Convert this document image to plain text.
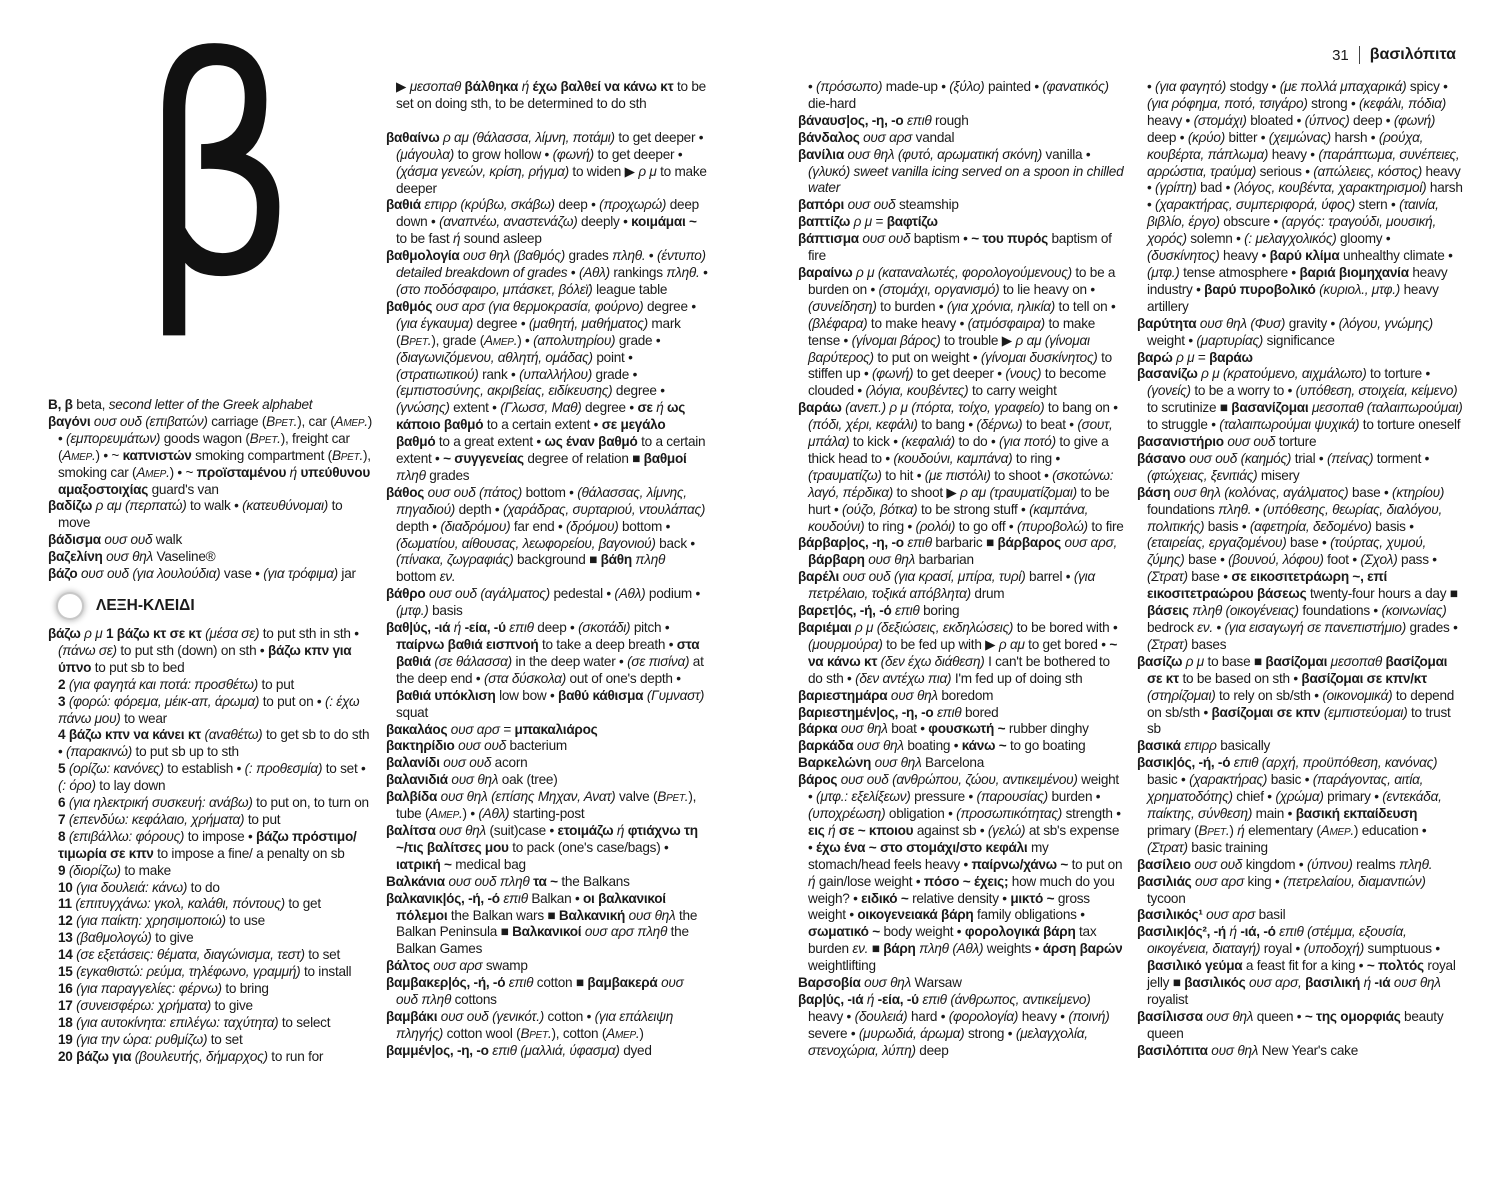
31 βασιλόπιτα
β
Β, β beta, second letter of the Greek alphabet
βαγόνι ουσ ουδ (επιβατών) carriage (Βρετ.), car (Αμερ.) • (εμπορευμάτων) goods wagon (Βρετ.), freight car (Αμερ.) • ~ καπνιστών smoking compartment (Βρετ.), smoking car (Αμερ.) • ~ προϊσταμένου ή υπεύθυνου αμαξοστοιχίας guard's van
βαδίζω ρ αμ (περπατώ) to walk • (κατευθύνομαι) to move
βάδισμα ουσ ουδ walk
βαζελίνη ουσ θηλ Vaseline®
βάζο ουσ ουδ (για λουλούδια) vase • (για τρόφιμα) jar
ΛΕΞΗ-ΚΛΕΙΔΙ
βάζω ρ μ 1 βάζω κτ σε κτ (μέσα σε) to put sth in sth • (πάνω σε) to put sth (down) on sth • βάζω κπν για ύπνο to put sb to bed
2 (για φαγητά και ποτά: προσθέτω) to put
3 (φορώ: φόρεμα, μέικ-απ, άρωμα) to put on • (: έχω πάνω μου) to wear
4 βάζω κπν να κάνει κτ (αναθέτω) to get sb to do sth • (παρακινώ) to put sb up to sth
5 (ορίζω: κανόνες) to establish • (: προθεσμία) to set • (: όρο) to lay down
6 (για ηλεκτρική συσκευή: ανάβω) to put on, to turn on
7 (επενδύω: κεφάλαιο, χρήματα) to put
8 (επιβάλλω: φόρους) to impose • βάζω πρόστιμο/τιμωρία σε κπν to impose a fine/ a penalty on sb
9 (διορίζω) to make
10 (για δουλειά: κάνω) to do
11 (επιτυγχάνω: γκολ, καλάθι, πόντους) to get
12 (για παίκτη: χρησιμοποιώ) to use
13 (βαθμολογώ) to give
14 (σε εξετάσεις: θέματα, διαγώνισμα, τεστ) to set
15 (εγκαθιστώ: ρεύμα, τηλέφωνο, γραμμή) to install
16 (για παραγγελίες: φέρνω) to bring
17 (συνεισφέρω: χρήματα) to give
18 (για αυτοκίνητα: επιλέγω: ταχύτητα) to select
19 (για την ώρα: ρυθμίζω) to set
20 βάζω για (βουλευτής, δήμαρχος) to run for
▶ μεσοπαθ βάλθηκα ή έχω βαλθεί να κάνω κτ to be set on doing sth, to be determined to do sth
βαθαίνω ρ αμ (θάλασσα, λίμνη, ποτάμι) to get deeper • (μάγουλα) to grow hollow • (φωνή) to get deeper • (χάσμα γενεών, κρίση, ρήγμα) to widen ▶ ρ μ to make deeper
βαθιά επιρρ (κρύβω, σκάβω) deep • (προχωρώ) deep down • (αναπνέω, αναστενάζω) deeply • κοιμάμαι ~ to be fast ή sound asleep
βαθμολογία ουσ θηλ (βαθμός) grades πληθ. • (έντυπο) detailed breakdown of grades • (Αθλ) rankings πληθ. • (στο ποδόσφαιρο, μπάσκετ, βόλεϊ) league table
βαθμός ουσ αρσ (για θερμοκρασία, φούρνο) degree • (για έγκαυμα) degree • (μαθητή, μαθήματος) mark (Βρετ.), grade (Αμερ.) • (απολυτηρίου) grade • (διαγωνιζόμενου, αθλητή, ομάδας) point • (στρατιωτικού) rank • (υπαλλήλου) grade • (εμπιστοσύνης, ακριβείας, ειδίκευσης) degree • (γνώσης) extent • (Γλωσσ, Μαθ) degree • σε ή ως κάποιο βαθμό to a certain extent • σε μεγάλο βαθμό to a great extent • ως έναν βαθμό to a certain extent • ~ συγγενείας degree of relation ■ βαθμοί πληθ grades
βάθος ουσ ουδ (πάτος) bottom • (θάλασσας, λίμνης, πηγαδιού) depth • (χαράδρας, συρταριού, ντουλάπας) depth • (διαδρόμου) far end • (δρόμου) bottom • (δωματίου, αίθουσας, λεωφορείου, βαγονιού) back • (πίνακα, ζωγραφιάς) background ■ βάθη πληθ bottom εν.
βάθρο ουσ ουδ (αγάλματος) pedestal • (Αθλ) podium • (μτφ.) basis
βαθ|ύς, -ιά ή -εία, -ύ επιθ deep • (σκοτάδι) pitch • παίρνω βαθιά εισπνοή to take a deep breath • στα βαθιά (σε θάλασσα) in the deep water • (σε πισίνα) at the deep end • (στα δύσκολα) out of one's depth • βαθιά υπόκλιση low bow • βαθύ κάθισμα (Γυμναστ) squat
βακαλάος ουσ αρσ = μπακαλιάρος
βακτηρίδιο ουσ ουδ bacterium
βαλανίδι ουσ ουδ acorn
βαλανιδιά ουσ θηλ oak (tree)
βαλβίδα ουσ θηλ (επίσης Μηχαν, Ανατ) valve (Βρετ.), tube (Αμερ.) • (Αθλ) starting-post
βαλίτσα ουσ θηλ (suit)case • ετοιμάζω ή φτιάχνω τη ~/τις βαλίτσες μου to pack (one's case/bags) • ιατρική ~ medical bag
Βαλκάνια ουσ ουδ πληθ τα ~ the Balkans
βαλκανικ|ός, -ή, -ό επιθ Balkan • οι βαλκανικοί πόλεμοι the Balkan wars ■ Βαλκανική ουσ θηλ the Balkan Peninsula ■ Βαλκανικοί ουσ αρσ πληθ the Balkan Games
βάλτος ουσ αρσ swamp
βαμβακερ|ός, -ή, -ό επιθ cotton ■ βαμβακερά ουσ ουδ πληθ cottons
βαμβάκι ουσ ουδ (γενικότ.) cotton • (για επάλειψη πληγής) cotton wool (Βρετ.), cotton (Αμερ.)
βαμμέν|ος, -η, -ο επιθ (μαλλιά, ύφασμα) dyed
• (πρόσωπο) made-up • (ξύλο) painted • (φανατικός) die-hard
βάναυσ|ος, -η, -ο επιθ rough
βάνδαλος ουσ αρσ vandal
βανίλια ουσ θηλ (φυτό, αρωματική σκόνη) vanilla • (γλυκό) sweet vanilla icing served on a spoon in chilled water
βαπόρι ουσ ουδ steamship
βαπτίζω ρ μ = βαφτίζω
βάπτισμα ουσ ουδ baptism • ~ του πυρός baptism of fire
βαραίνω ρ μ (καταναλωτές, φορολογούμενους) to be a burden on • (στομάχι, οργανισμό) to lie heavy on • (συνείδηση) to burden • (για χρόνια, ηλικία) to tell on • (βλέφαρα) to make heavy • (ατμόσφαιρα) to make tense • (γίνομαι βάρος) to trouble ▶ ρ αμ (γίνομαι βαρύτερος) to put on weight • (γίνομαι δυσκίνητος) to stiffen up • (φωνή) to get deeper • (νους) to become clouded • (λόγια, κουβέντες) to carry weight
βαράω (ανεπ.) ρ μ (πόρτα, τοίχο, γραφείο) to bang on • (πόδι, χέρι, κεφάλι) to bang • (δέρνω) to beat • (σουτ, μπάλα) to kick • (κεφαλιά) to do • (για ποτό) to give a thick head to • (κουδούνι, καμπάνα) to ring • (τραυματίζω) to hit • (με πιστόλι) to shoot • (σκοτώνω: λαγό, πέρδικα) to shoot ▶ ρ αμ (τραυματίζομαι) to be hurt • (ούζο, βότκα) to be strong stuff • (καμπάνα, κουδούνι) to ring • (ρολόι) to go off • (πυροβολώ) to fire
βάρβαρ|ος, -η, -ο επιθ barbaric ■ βάρβαρος ουσ αρσ, βάρβαρη ουσ θηλ barbarian
βαρέλι ουσ ουδ (για κρασί, μπίρα, τυρί) barrel • (για πετρέλαιο, τοξικά απόβλητα) drum
βαρετ|ός, -ή, -ό επιθ boring
βαριέμαι ρ μ (δεξιώσεις, εκδηλώσεις) to be bored with • (μουρμούρα) to be fed up with ▶ ρ αμ to get bored • ~ να κάνω κτ (δεν έχω διάθεση) I can't be bothered to do sth • (δεν αντέχω πια) I'm fed up of doing sth
βαριεστημάρα ουσ θηλ boredom
βαριεστημέν|ος, -η, -ο επιθ bored
βάρκα ουσ θηλ boat • φουσκωτή ~ rubber dinghy
βαρκάδα ουσ θηλ boating • κάνω ~ to go boating
Βαρκελώνη ουσ θηλ Barcelona
βάρος ουσ ουδ (ανθρώπου, ζώου, αντικειμένου) weight • (μτφ.: εξελίξεων) pressure • (παρουσίας) burden • (υποχρέωση) obligation • (προσωπικότητας) strength • εις ή σε ~ κποιου against sb • (γελώ) at sb's expense • έχω ένα ~ στο στομάχι/στο κεφάλι my stomach/head feels heavy • παίρνω/χάνω ~ to put on ή gain/lose weight • πόσο ~ έχεις; how much do you weigh? • ειδικό ~ relative density • μικτό ~ gross weight • οικογενειακά βάρη family obligations • σωματικό ~ body weight • φορολογικά βάρη tax burden εν. ■ βάρη πληθ (Αθλ) weights • άρση βαρών weightlifting
Βαρσοβία ουσ θηλ Warsaw
βαρ|ύς, -ιά ή -εία, -ύ επιθ (άνθρωπος, αντικείμενο) heavy • (δουλειά) hard • (φορολογία) heavy • (ποινή) severe • (μυρωδιά, άρωμα) strong • (μελαγχολία, στενοχώρια, λύπη) deep
• (για φαγητό) stodgy • (με πολλά μπαχαρικά) spicy • (για ρόφημα, ποτό, τσιγάρο) strong • (κεφάλι, πόδια) heavy • (στομάχι) bloated • (ύπνος) deep • (φωνή) deep • (κρύο) bitter • (χειμώνας) harsh • (ρούχα, κουβέρτα, πάπλωμα) heavy • (παράπτωμα, συνέπειες, αρρώστια, τραύμα) serious • (απώλειες, κόστος) heavy • (γρίπη) bad • (λόγος, κουβέντα, χαρακτηρισμοί) harsh • (χαρακτήρας, συμπεριφορά, ύφος) stern • (ταινία, βιβλίο, έργο) obscure • (αργός: τραγούδι, μουσική, χορός) solemn • (: μελαγχολικός) gloomy • (δυσκίνητος) heavy • βαρύ κλίμα unhealthy climate • (μτφ.) tense atmosphere • βαριά βιομηχανία heavy industry • βαρύ πυροβολικό (κυριολ., μτφ.) heavy artillery
βαρύτητα ουσ θηλ (Φυσ) gravity • (λόγου, γνώμης) weight • (μαρτυρίας) significance
βαρώ ρ μ = βαράω
βασανίζω ρ μ (κρατούμενο, αιχμάλωτο) to torture • (γονείς) to be a worry to • (υπόθεση, στοιχεία, κείμενο) to scrutinize ■ βασανίζομαι μεσοπαθ (ταλαιπωρούμαι) to struggle • (ταλαιπωρούμαι ψυχικά) to torture oneself
βασανιστήριο ουσ ουδ torture
βάσανο ουσ ουδ (καημός) trial • (πείνας) torment • (φτώχειας, ξενιτιάς) misery
βάση ουσ θηλ (κολόνας, αγάλματος) base • (κτηρίου) foundations πληθ. • (υπόθεσης, θεωρίας, διαλόγου, πολιτικής) basis • (αφετηρία, δεδομένο) basis • (εταιρείας, εργαζομένου) base • (τούρτας, χυμού, ζύμης) base • (βουνού, λόφου) foot • (Σχολ) pass • (Στρατ) base • σε εικοσιτετράωρη ~, επί εικοσιτετραώρου βάσεως twenty-four hours a day ■ βάσεις πληθ (οικογένειας) foundations • (κοινωνίας) bedrock εν. • (για εισαγωγή σε πανεπιστήμιο) grades • (Στρατ) bases
βασίζω ρ μ to base ■ βασίζομαι μεσοπαθ βασίζομαι σε κτ to be based on sth • βασίζομαι σε κπν/κτ (στηρίζομαι) to rely on sb/sth • (οικονομικά) to depend on sb/sth • βασίζομαι σε κπν (εμπιστεύομαι) to trust sb
βασικά επιρρ basically
βασικ|ός, -ή, -ό επιθ (αρχή, προϋπόθεση, κανόνας) basic • (χαρακτήρας) basic • (παράγοντας, αιτία, χρηματοδότης) chief • (χρώμα) primary • (εντεκάδα, παίκτης, σύνθεση) main • βασική εκπαίδευση primary (Βρετ.) ή elementary (Αμερ.) education • (Στρατ) basic training
βασίλειο ουσ ουδ kingdom • (ύπνου) realms πληθ.
βασιλιάς ουσ αρσ king • (πετρελαίου, διαμαντιών) tycoon
βασιλικός¹ ουσ αρσ basil
βασιλικ|ός², -ή ή -ιά, -ό επιθ (στέμμα, εξουσία, οικογένεια, διαταγή) royal • (υποδοχή) sumptuous • βασιλικό γεύμα a feast fit for a king • ~ πολτός royal jelly ■ βασιλικός ουσ αρσ, βασιλική ή -ιά ουσ θηλ royalist
βασίλισσα ουσ θηλ queen • ~ της ομορφιάς beauty queen
βασιλόπιτα ουσ θηλ New Year's cake
